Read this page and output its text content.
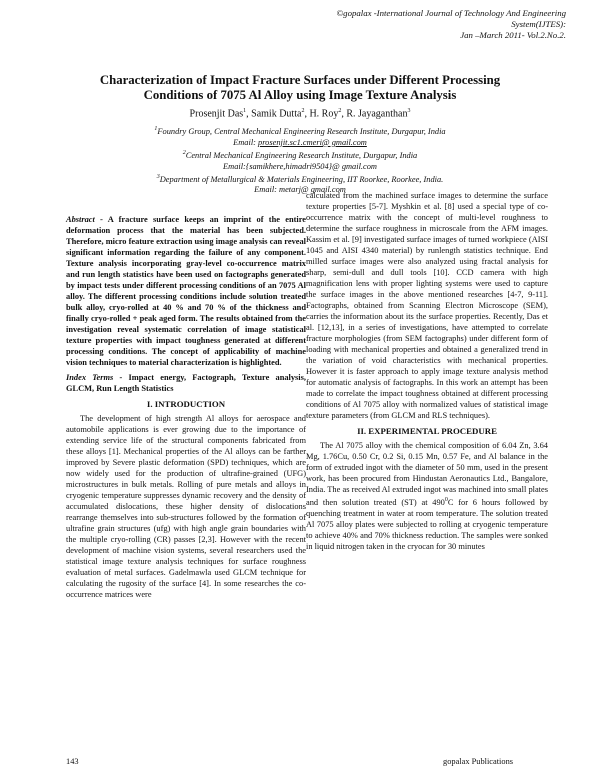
©gopalax -International Journal of Technology And Engineering System(IJTES):
Jan –March 2011- Vol.2.No.2.
Characterization of Impact Fracture Surfaces under Different Processing
Conditions of 7075 Al Alloy using Image Texture Analysis
Prosenjit Das$^1$, Samik Dutta$^2$, H. Roy$^2$, R. Jayaganthan$^3$
$^1$Foundry Group, Central Mechanical Engineering Research Institute, Durgapur, India
Email: prosenjit.sc1.cmeri@ gmail.com
$^2$Central Mechanical Engineering Research Institute, Durgapur, India
Email:{samikhere,himadri9504}@ gmail.com
$^3$Department of Metallurgical & Materials Engineering, IIT Roorkee, Roorkee, India.
Email: metarj@ gmail.com

Abstract - A fracture surface keeps an imprint of the entire deformation process that the material has been subjected. Therefore, micro feature extraction using image analysis can reveal significant information regarding the failure of any component. Texture analysis incorporating gray-level co-occurrence matrix and run length statistics have been used on factographs generated by impact tests under different processing conditions of an 7075 Al alloy. The different processing conditions include solution treated bulk alloy, cryo-rolled at 40 % and 70 % of the thickness and finally cryo-rolled + peak aged form. The results obtained from the investigation reveal systematic correlation of image statistical texture properties with impact toughness generated at different processing conditions. The concept of applicability of machine vision techniques to material characterization is highlighted.

Index Terms - Impact energy, Factograph, Texture analysis, GLCM, Run Length Statistics

I. INTRODUCTION

The development of high strength Al alloys for aerospace and automobile applications is ever growing due to the importance of extending service life of the structural components fabricated from these alloys [1]. Mechanical properties of the Al alloys can be farther improved by Severe plastic deformation (SPD) techniques, which are now widely used for the production of ultrafine-grained (UFG) microstructures in bulk metals. Rolling of pure metals and alloys in cryogenic temperature suppresses dynamic recovery and the density of accumulated dislocations, these higher density of dislocations rearrange themselves into sub-structures followed by the formation of ultrafine grain structures (ufg) with high angle grain boundaries with the multiple cryo-rolling (CR) passes [2,3]. However with the recent development of machine vision systems, several researchers used the statistical image texture analysis techniques for surface roughness evaluation of metal surfaces. Gadelmawla used GLCM technique for calculating the rugosity of the surface [4]. In some researches the co-occurrence matrices were

calculated from the machined surface images to determine the surface texture properties [5-7]. Myshkin et al. [8] used a special type of co-occurrence matrix with the concept of multi-level roughness to determine the surface roughness in microscale from the AFM images. Kassim et al. [9] investigated surface images of turned workpiece (AISI 1045 and AISI 4340 material) by runlength statistics technique. End milled surface images were also analyzed using fractal analysis for sharp, semi-dull and dull tools [10]. CCD camera with high magnification lens with proper lighting systems were used to capture the surface images in the above mentioned researches [4-7, 9-11]. Factographs, obtained from Scanning Electron Microscope (SEM), carries the information about its the surface properties. Recently, Das et al. [12,13], in a series of investigations, have attempted to correlate fracture morphologies (from SEM factographs) under different form of loading with mechanical properties and obtained a generalized trend in the variation of void characteristics with mechanical properties. However it is faster approach to apply image texture analysis method for automatic analysis of factographs. In this work an attempt has been made to correlate the impact toughness obtained at different processing conditions of Al 7075 alloy with normalized values of statistical image texture parameters (from GLCM and RLS techniques).

II. EXPERIMENTAL PROCEDURE

The Al 7075 alloy with the chemical composition of 6.04 Zn, 3.64 Mg, 1.76Cu, 0.50 Cr, 0.2 Si, 0.15 Mn, 0.57 Fe, and Al balance in the form of extruded ingot with the diameter of 50 mm, used in the present work, has been procured from Hindustan Aeronautics Ltd., Bangalore, India. The as received Al extruded ingot was machined into small plates and then solution treated (ST) at $490^0C$ for 6 hours followed by quenching treatment in water at room temperature. The solution treated Al 7075 alloy plates were subjected to rolling at cryogenic temperature to achieve 40% and 70% thickness reduction. The samples were sonked in liquid nitrogen taken in the cryocan for 30 minutes

143	gopalax Publications
